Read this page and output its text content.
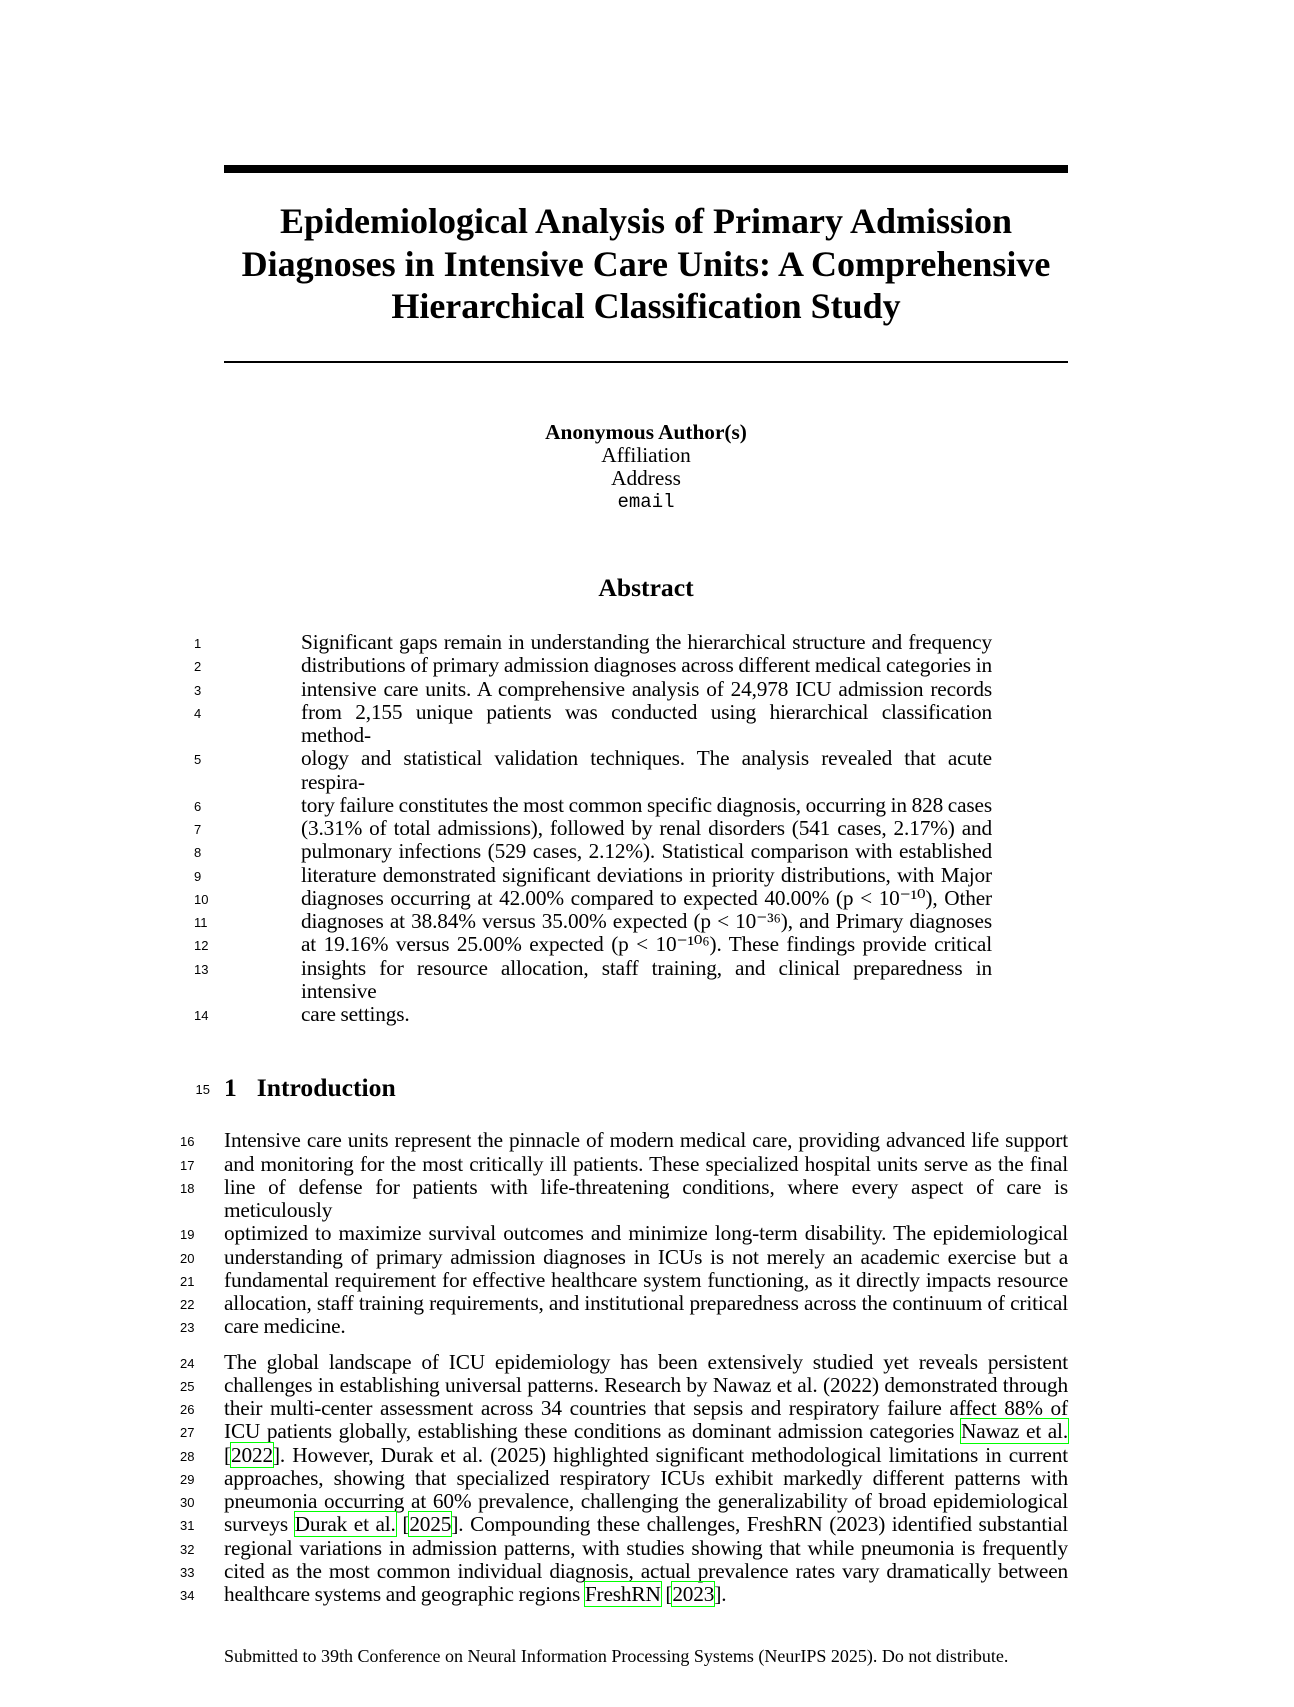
Epidemiological Analysis of Primary Admission
Diagnoses in Intensive Care Units: A Comprehensive
Hierarchical Classification Study
Anonymous Author(s)
Affiliation
Address
email
Abstract
1	Significant gaps remain in understanding the hierarchical structure and frequency
2	distributions of primary admission diagnoses across different medical categories in
3	intensive care units. A comprehensive analysis of 24,978 ICU admission records
4	from 2,155 unique patients was conducted using hierarchical classification method-
5	ology and statistical validation techniques. The analysis revealed that acute respira-
6	tory failure constitutes the most common specific diagnosis, occurring in 828 cases
7	(3.31% of total admissions), followed by renal disorders (541 cases, 2.17%) and
8	pulmonary infections (529 cases, 2.12%). Statistical comparison with established
9	literature demonstrated significant deviations in priority distributions, with Major
10	diagnoses occurring at 42.00% compared to expected 40.00% (p < 10⁻¹⁰), Other
11	diagnoses at 38.84% versus 35.00% expected (p < 10⁻³⁶), and Primary diagnoses
12	at 19.16% versus 25.00% expected (p < 10⁻¹⁰⁶). These findings provide critical
13	insights for resource allocation, staff training, and clinical preparedness in intensive
14	care settings.
15 1 Introduction
16	Intensive care units represent the pinnacle of modern medical care, providing advanced life support
17	and monitoring for the most critically ill patients. These specialized hospital units serve as the final
18	line of defense for patients with life-threatening conditions, where every aspect of care is meticulously
19	optimized to maximize survival outcomes and minimize long-term disability. The epidemiological
20	understanding of primary admission diagnoses in ICUs is not merely an academic exercise but a
21	fundamental requirement for effective healthcare system functioning, as it directly impacts resource
22	allocation, staff training requirements, and institutional preparedness across the continuum of critical
23	care medicine.
24	The global landscape of ICU epidemiology has been extensively studied yet reveals persistent
25	challenges in establishing universal patterns. Research by Nawaz et al. (2022) demonstrated through
26	their multi-center assessment across 34 countries that sepsis and respiratory failure affect 88% of
27	ICU patients globally, establishing these conditions as dominant admission categories Nawaz et al.
28	[2022]. However, Durak et al. (2025) highlighted significant methodological limitations in current
29	approaches, showing that specialized respiratory ICUs exhibit markedly different patterns with
30	pneumonia occurring at 60% prevalence, challenging the generalizability of broad epidemiological
31	surveys Durak et al. [2025]. Compounding these challenges, FreshRN (2023) identified substantial
32	regional variations in admission patterns, with studies showing that while pneumonia is frequently
33	cited as the most common individual diagnosis, actual prevalence rates vary dramatically between
34	healthcare systems and geographic regions FreshRN [2023].
Submitted to 39th Conference on Neural Information Processing Systems (NeurIPS 2025). Do not distribute.
